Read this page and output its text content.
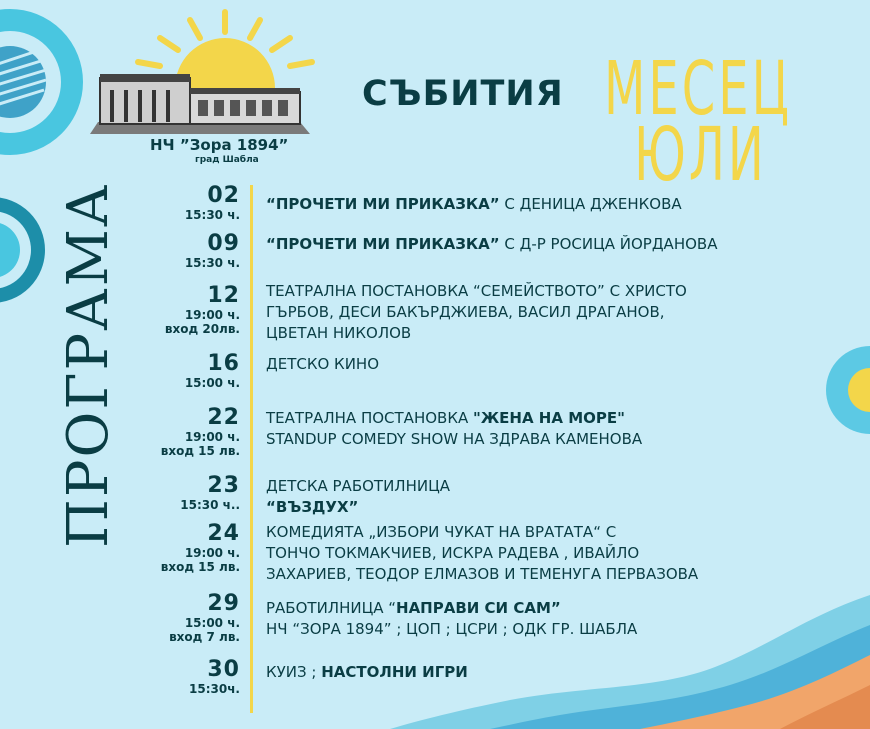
НЧ ”Зора 1894”
град Шабла
СЪБИТИЯ МЕСЕЦ
ЮЛИ
ПРОГРАМА	02
15:30 ч.
“ПРОЧЕТИ МИ ПРИКАЗКА” С ДЕНИЦА ДЖЕНКОВА
09
15:30 ч.
“ПРОЧЕТИ МИ ПРИКАЗКА” С Д-Р РОСИЦА ЙОРДАНОВА
12
19:00 ч.
вход 20лв.
ТЕАТРАЛНА ПОСТАНОВКА “СЕМЕЙСТВОТО” С ХРИСТО
ГЪРБОВ, ДЕСИ БАКЪРДЖИЕВА, ВАСИЛ ДРАГАНОВ,
ЦВЕТАН НИКОЛОВ
16
15:00 ч.
ДЕТСКО КИНО
22
19:00 ч.
вход 15 лв.
ТЕАТРАЛНА ПОСТАНОВКА "ЖЕНА НА МОРЕ"
STANDUP COMEDY SHOW НА ЗДРАВА КАМЕНОВА
23
15:30 ч..
ДЕТСКА РАБОТИЛНИЦА
“ВЪЗДУХ”
24
19:00 ч.
вход 15 лв.
КОМЕДИЯТА „ИЗБОРИ ЧУКАТ НА ВРАТАТА“ С
ТОНЧО ТОКМАКЧИЕВ, ИСКРА РАДЕВА , ИВАЙЛО
ЗАХАРИЕВ, ТЕОДОР ЕЛМАЗОВ И ТЕМЕНУГА ПЕРВАЗОВА
29
15:00 ч.
вход 7 лв.
РАБОТИЛНИЦА “НАПРАВИ СИ САМ”
НЧ “ЗОРА 1894” ; ЦОП ; ЦСРИ ; ОДК ГР. ШАБЛА
30
15:30ч.
КУИЗ ; НАСТОЛНИ ИГРИ
